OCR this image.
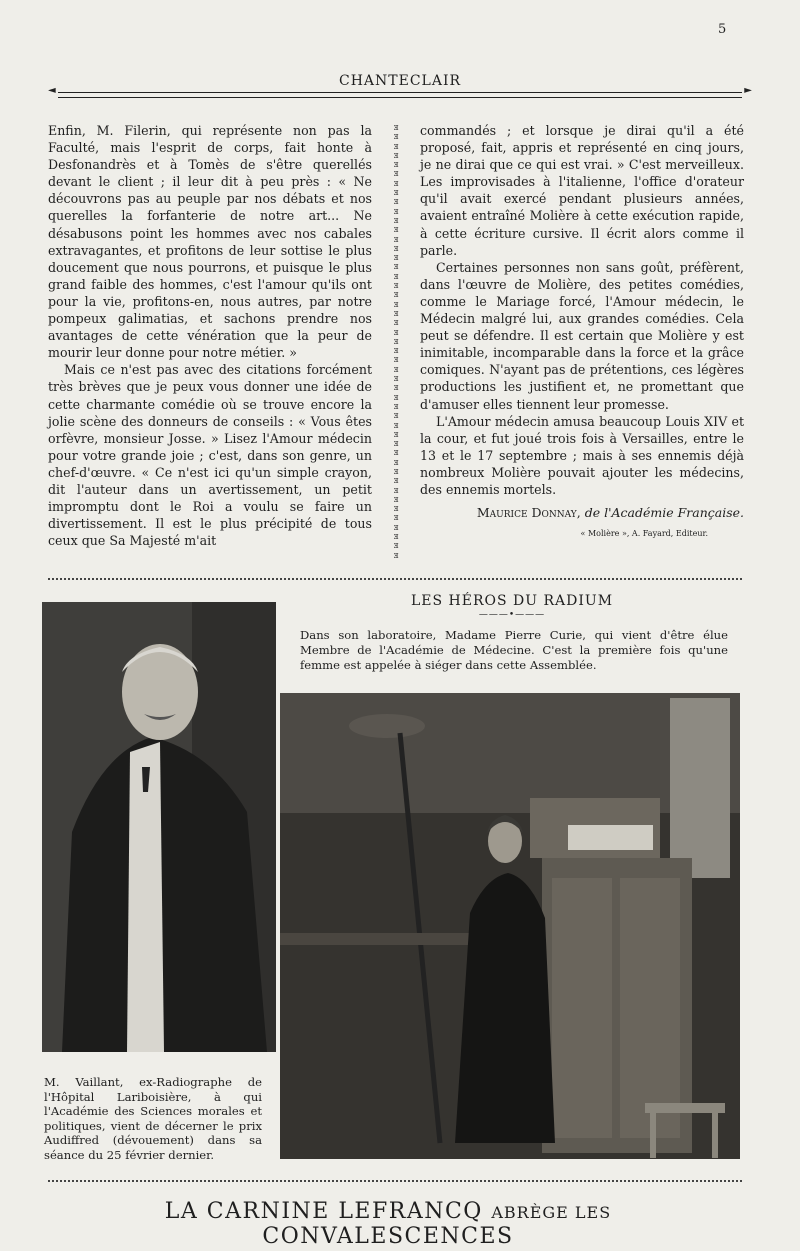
5
CHANTECLAIR
◄	►

Enfin, M. Filerin, qui représente non pas la Faculté, mais l'esprit de corps, fait honte à Desfonandrès et à Tomès de s'être querellés devant le client ; il leur dit à peu près : « Ne découvrons pas au peuple par nos débats et nos querelles la forfanterie de notre art... Ne désabusons point les hommes avec nos cabales extravagantes, et profitons de leur sottise le plus doucement que nous pourrons, et puisque le plus grand faible des hommes, c'est l'amour qu'ils ont pour la vie, profitons-en, nous autres, par notre pompeux galimatias, et sachons prendre nos avantages de cette vénération que la peur de mourir leur donne pour notre métier. »

Mais ce n'est pas avec des citations forcément très brèves que je peux vous donner une idée de cette charmante comédie où se trouve encore la jolie scène des donneurs de conseils : « Vous êtes orfèvre, monsieur Josse. » Lisez l'Amour médecin pour votre grande joie ; c'est, dans son genre, un chef-d'œuvre. « Ce n'est ici qu'un simple crayon, dit l'auteur dans un avertissement, un petit impromptu dont le Roi a voulu se faire un divertissement. Il est le plus précipité de tous ceux que Sa Majesté m'ait

ⱻ
ⱻ
ⱻ
ⱻ
ⱻ
ⱻ
ⱻ
ⱻ
ⱻ
ⱻ
ⱻ
ⱻ
ⱻ
ⱻ
ⱻ
ⱻ
ⱻ
ⱻ
ⱻ
ⱻ
ⱻ
ⱻ
ⱻ
ⱻ
ⱻ
ⱻ
ⱻ
ⱻ
ⱻ
ⱻ
ⱻ
ⱻ
ⱻ
ⱻ
ⱻ
ⱻ
ⱻ
ⱻ
ⱻ
ⱻ
ⱻ
ⱻ
ⱻ
ⱻ
ⱻ
ⱻ
ⱻ

commandés ; et lorsque je dirai qu'il a été proposé, fait, appris et représenté en cinq jours, je ne dirai que ce qui est vrai. » C'est merveilleux. Les improvisades à l'italienne, l'office d'orateur qu'il avait exercé pendant plusieurs années, avaient entraîné Molière à cette exécution rapide, à cette écriture cursive. Il écrit alors comme il parle.

Certaines personnes non sans goût, préfèrent, dans l'œuvre de Molière, des petites comédies, comme le Mariage forcé, l'Amour médecin, le Médecin malgré lui, aux grandes comédies. Cela peut se défendre. Il est certain que Molière y est inimitable, incomparable dans la force et la grâce comiques. N'ayant pas de prétentions, ces légères productions les justifient et, ne promettant que d'amuser elles tiennent leur promesse.

L'Amour médecin amusa beaucoup Louis XIV et la cour, et fut joué trois fois à Versailles, entre le 13 et le 17 septembre ; mais à ses ennemis déjà nombreux Molière pouvait ajouter les médecins, des ennemis mortels.

Maurice Donnay, de l'Académie Française.
« Molière », A. Fayard, Editeur.
LES HÉROS DU RADIUM
———•———
Dans son laboratoire, Madame Pierre Curie, qui vient d'être élue Membre de l'Académie de Médecine. C'est la première fois qu'une femme est appelée à siéger dans cette Assemblée.
M. Vaillant, ex-Radiographe de l'Hôpital Lariboisière, à qui l'Académie des Sciences morales et politiques, vient de décerner le prix Audiffred (dévouement) dans sa séance du 25 février dernier.
LA CARNINE LEFRANCQ ABRÈGE LES CONVALESCENCES
